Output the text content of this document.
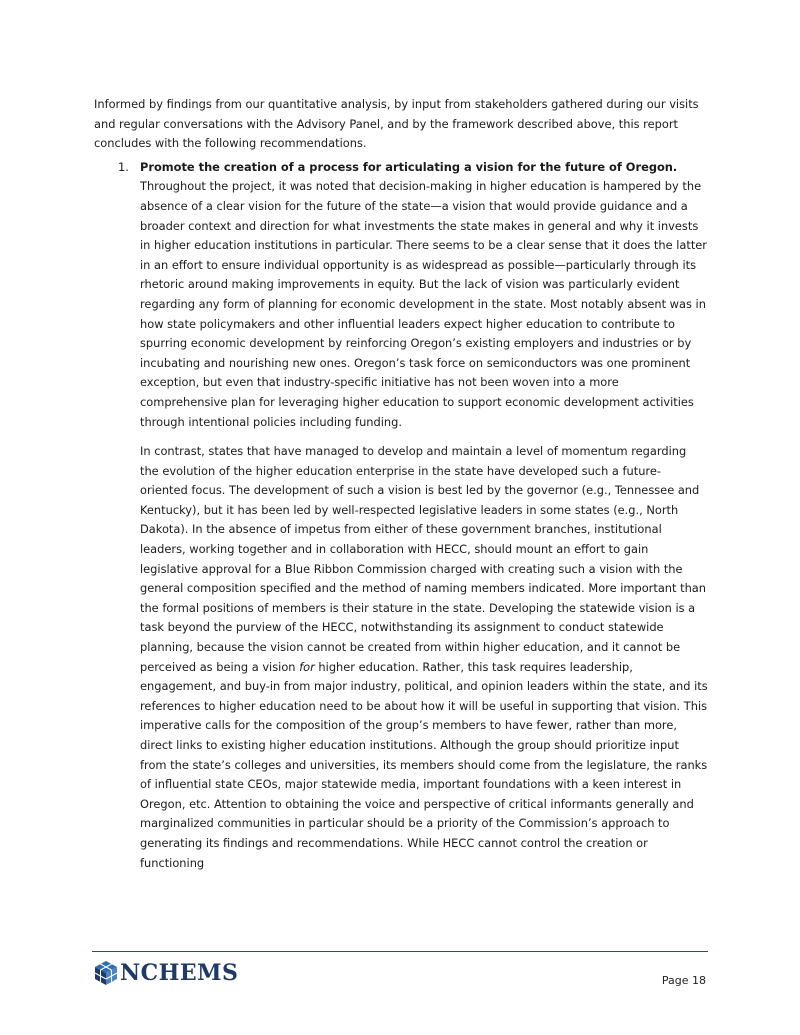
Informed by findings from our quantitative analysis, by input from stakeholders gathered during our visits and regular conversations with the Advisory Panel, and by the framework described above, this report concludes with the following recommendations.

1. Promote the creation of a process for articulating a vision for the future of Oregon. Throughout the project, it was noted that decision-making in higher education is hampered by the absence of a clear vision for the future of the state—a vision that would provide guidance and a broader context and direction for what investments the state makes in general and why it invests in higher education institutions in particular. There seems to be a clear sense that it does the latter in an effort to ensure individual opportunity is as widespread as possible—particularly through its rhetoric around making improvements in equity. But the lack of vision was particularly evident regarding any form of planning for economic development in the state. Most notably absent was in how state policymakers and other influential leaders expect higher education to contribute to spurring economic development by reinforcing Oregon’s existing employers and industries or by incubating and nourishing new ones. Oregon’s task force on semiconductors was one prominent exception, but even that industry-specific initiative has not been woven into a more comprehensive plan for leveraging higher education to support economic development activities through intentional policies including funding.

In contrast, states that have managed to develop and maintain a level of momentum regarding the evolution of the higher education enterprise in the state have developed such a future-oriented focus. The development of such a vision is best led by the governor (e.g., Tennessee and Kentucky), but it has been led by well-respected legislative leaders in some states (e.g., North Dakota). In the absence of impetus from either of these government branches, institutional leaders, working together and in collaboration with HECC, should mount an effort to gain legislative approval for a Blue Ribbon Commission charged with creating such a vision with the general composition specified and the method of naming members indicated. More important than the formal positions of members is their stature in the state. Developing the statewide vision is a task beyond the purview of the HECC, notwithstanding its assignment to conduct statewide planning, because the vision cannot be created from within higher education, and it cannot be perceived as being a vision for higher education. Rather, this task requires leadership, engagement, and buy-in from major industry, political, and opinion leaders within the state, and its references to higher education need to be about how it will be useful in supporting that vision. This imperative calls for the composition of the group’s members to have fewer, rather than more, direct links to existing higher education institutions. Although the group should prioritize input from the state’s colleges and universities, its members should come from the legislature, the ranks of influential state CEOs, major statewide media, important foundations with a keen interest in Oregon, etc. Attention to obtaining the voice and perspective of critical informants generally and marginalized communities in particular should be a priority of the Commission’s approach to generating its findings and recommendations. While HECC cannot control the creation or functioning

NCHEMS	Page 18
